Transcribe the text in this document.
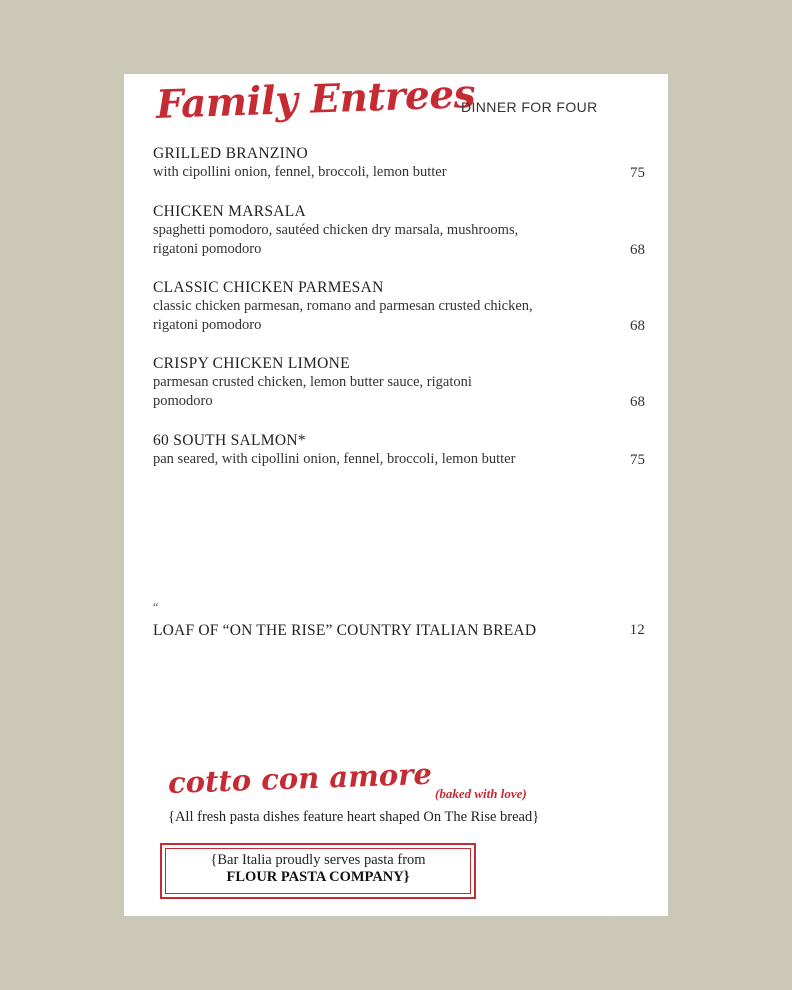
Family Entrees
DINNER FOR FOUR
GRILLED BRANZINO
with cipollini onion, fennel, broccoli, lemon butter	75
CHICKEN MARSALA
spaghetti pomodoro, sautéed chicken dry marsala, mushrooms, rigatoni pomodoro	68
CLASSIC CHICKEN PARMESAN
classic chicken parmesan, romano and parmesan crusted chicken, rigatoni pomodoro	68
CRISPY CHICKEN LIMONE
parmesan crusted chicken, lemon butter sauce, rigatoni pomodoro	68
60 SOUTH SALMON*
pan seared, with cipollini onion, fennel, broccoli, lemon butter	75
“
LOAF OF “ON THE RISE” COUNTRY ITALIAN BREAD	12
cotto con amore (baked with love)
{All fresh pasta dishes feature heart shaped On The Rise bread}
{Bar Italia proudly serves pasta from
FLOUR PASTA COMPANY}
menupix
